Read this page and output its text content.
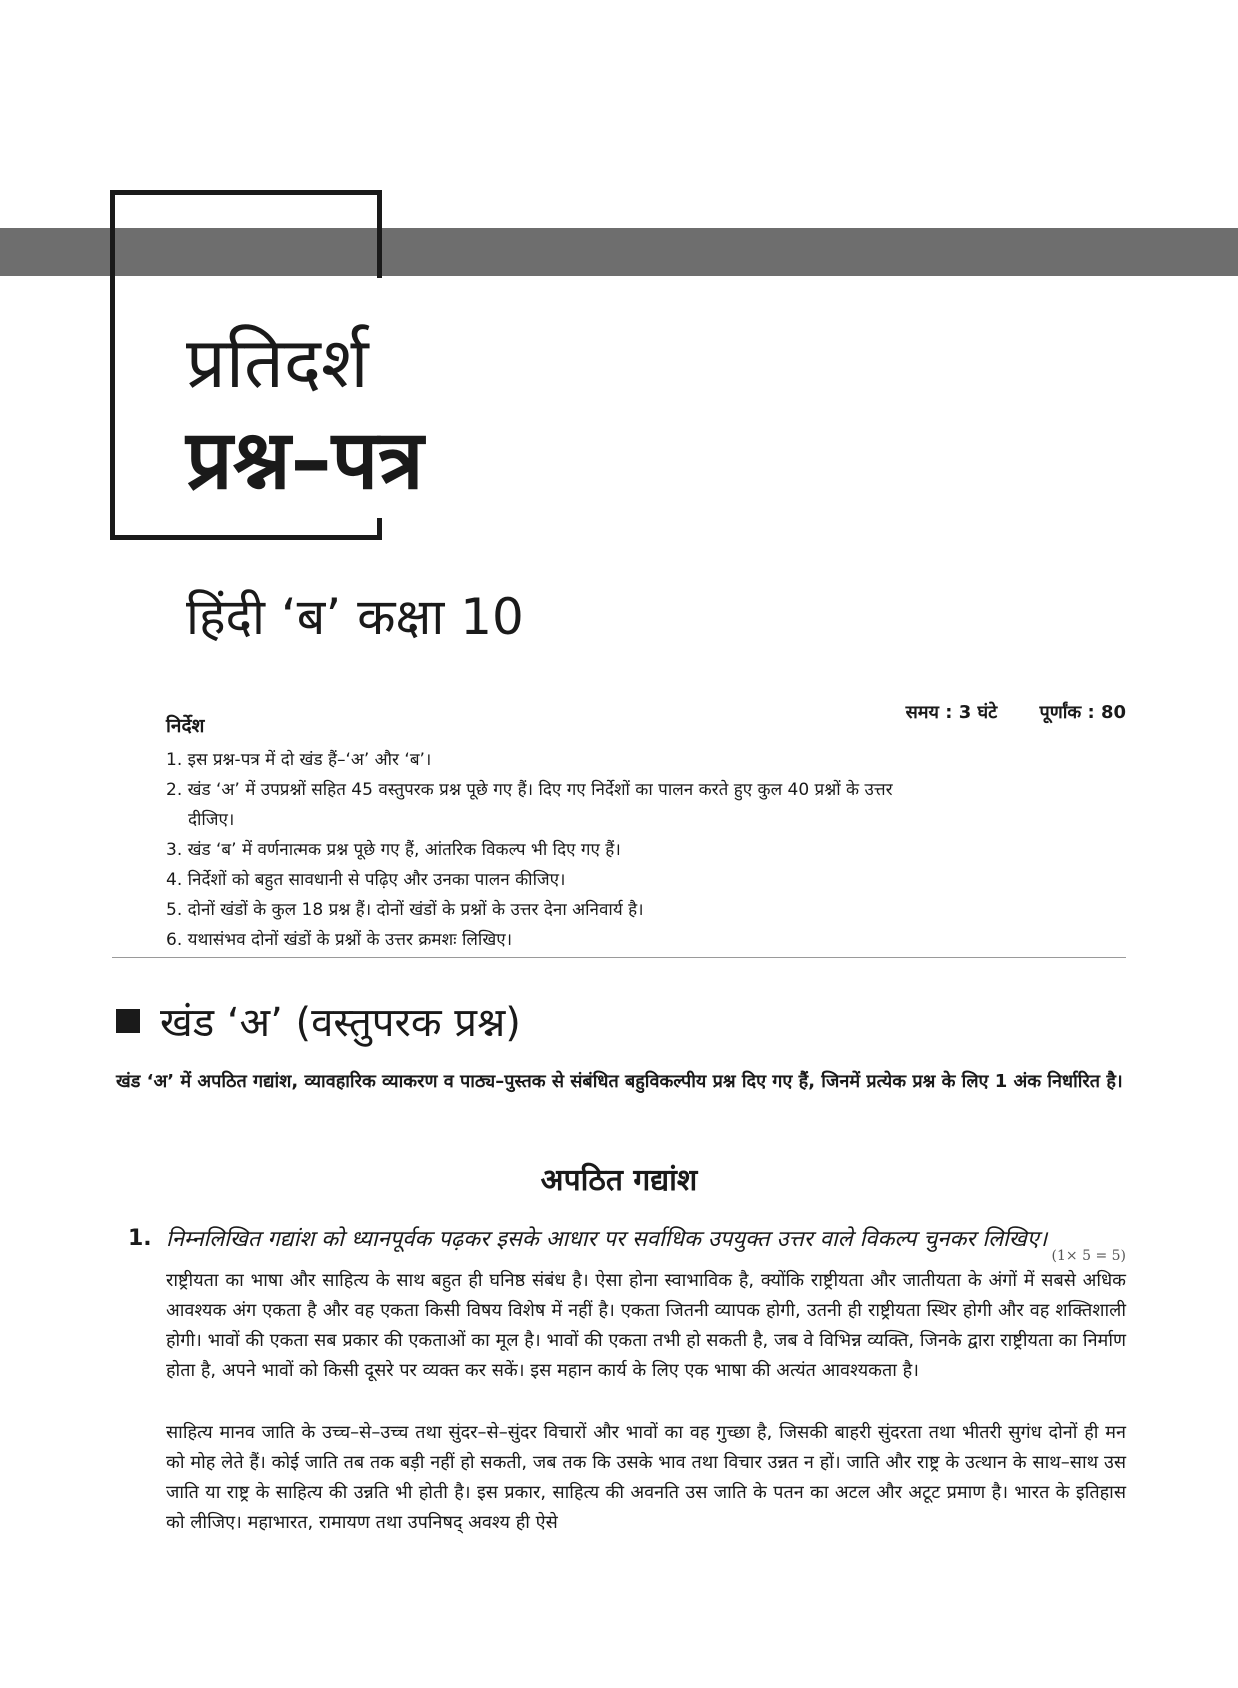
प्रतिदर्श
प्रश्न–पत्र
हिंदी ‘ब’ कक्षा 10
समय : 3 घंटे पूर्णांक : 80
निर्देश
1. इस प्रश्न-पत्र में दो खंड हैं–‘अ’ और ‘ब’।
2. खंड ‘अ’ में उपप्रश्नों सहित 45 वस्तुपरक प्रश्न पूछे गए हैं। दिए गए निर्देशों का पालन करते हुए कुल 40 प्रश्नों के उत्तर दीजिए।
3. खंड ‘ब’ में वर्णनात्मक प्रश्न पूछे गए हैं, आंतरिक विकल्प भी दिए गए हैं।
4. निर्देशों को बहुत सावधानी से पढ़िए और उनका पालन कीजिए।
5. दोनों खंडों के कुल 18 प्रश्न हैं। दोनों खंडों के प्रश्नों के उत्तर देना अनिवार्य है।
6. यथासंभव दोनों खंडों के प्रश्नों के उत्तर क्रमशः लिखिए।
खंड ‘अ’ (वस्तुपरक प्रश्न)
खंड ‘अ’ में अपठित गद्यांश, व्यावहारिक व्याकरण व पाठ्य–पुस्तक से संबंधित बहुविकल्पीय प्रश्न दिए गए हैं, जिनमें प्रत्येक प्रश्न के लिए 1 अंक निर्धारित है।
अपठित गद्यांश
1. निम्नलिखित गद्यांश को ध्यानपूर्वक पढ़कर इसके आधार पर सर्वाधिक उपयुक्त उत्तर वाले विकल्प चुनकर लिखिए।
(1× 5 = 5)

राष्ट्रीयता का भाषा और साहित्य के साथ बहुत ही घनिष्ठ संबंध है। ऐसा होना स्वाभाविक है, क्योंकि राष्ट्रीयता और जातीयता के अंगों में सबसे अधिक आवश्यक अंग एकता है और वह एकता किसी विषय विशेष में नहीं है। एकता जितनी व्यापक होगी, उतनी ही राष्ट्रीयता स्थिर होगी और वह शक्तिशाली होगी। भावों की एकता सब प्रकार की एकताओं का मूल है। भावों की एकता तभी हो सकती है, जब वे विभिन्न व्यक्ति, जिनके द्वारा राष्ट्रीयता का निर्माण होता है, अपने भावों को किसी दूसरे पर व्यक्त कर सकें। इस महान कार्य के लिए एक भाषा की अत्यंत आवश्यकता है।

साहित्य मानव जाति के उच्च–से–उच्च तथा सुंदर–से–सुंदर विचारों और भावों का वह गुच्छा है, जिसकी बाहरी सुंदरता तथा भीतरी सुगंध दोनों ही मन को मोह लेते हैं। कोई जाति तब तक बड़ी नहीं हो सकती, जब तक कि उसके भाव तथा विचार उन्नत न हों। जाति और राष्ट्र के उत्थान के साथ–साथ उस जाति या राष्ट्र के साहित्य की उन्नति भी होती है। इस प्रकार, साहित्य की अवनति उस जाति के पतन का अटल और अटूट प्रमाण है। भारत के इतिहास को लीजिए। महाभारत, रामायण तथा उपनिषद् अवश्य ही ऐसे
